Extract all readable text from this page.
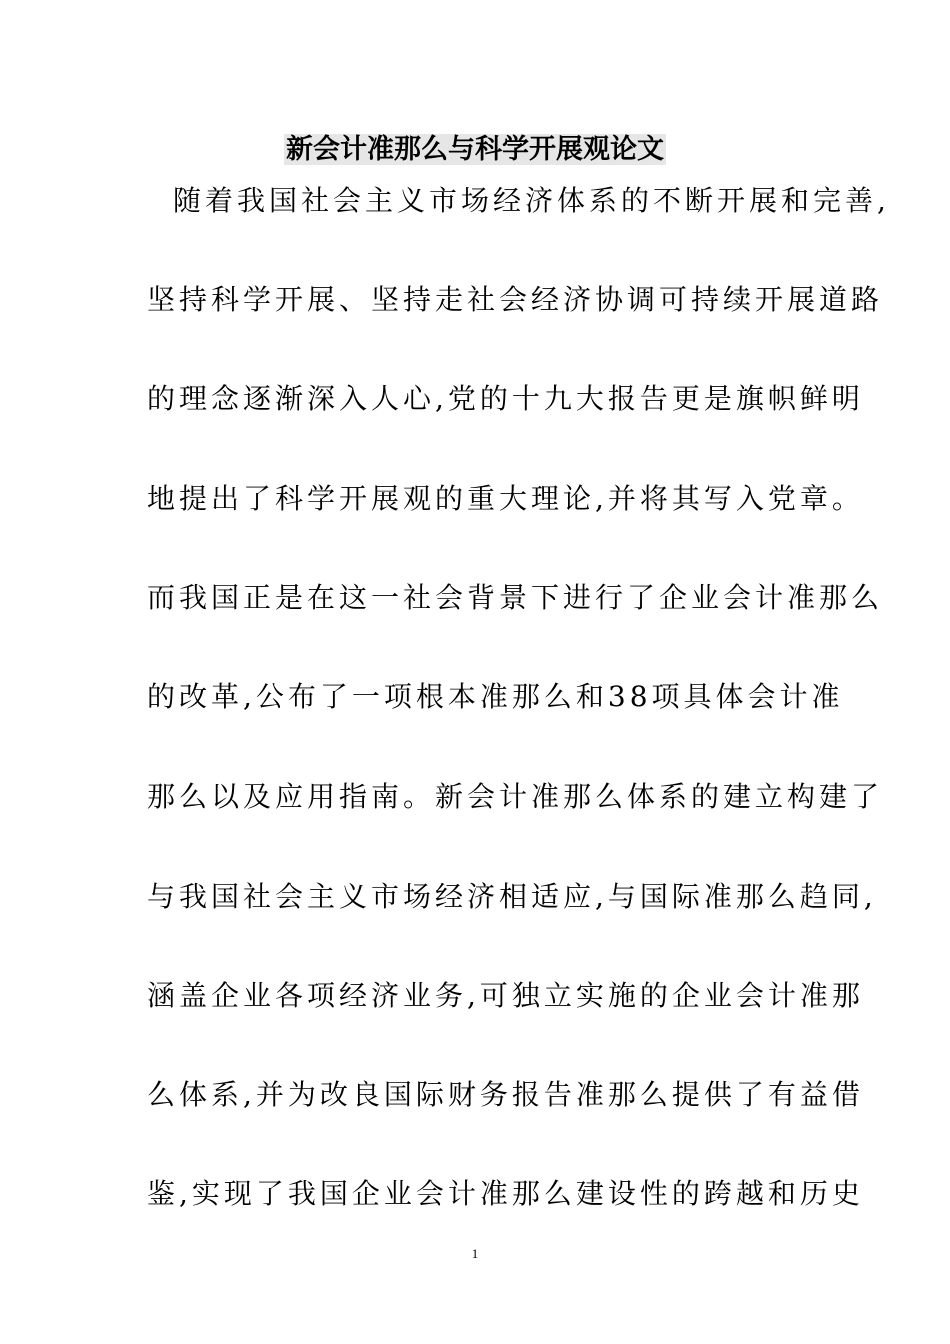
新会计准那么与科学开展观论文
随着我国社会主义市场经济体系的不断开展和完善,
坚持科学开展、坚持走社会经济协调可持续开展道路
的理念逐渐深入人心,党的十九大报告更是旗帜鲜明
地提出了科学开展观的重大理论,并将其写入党章。
而我国正是在这一社会背景下进行了企业会计准那么
的改革,公布了一项根本准那么和38项具体会计准
那么以及应用指南。新会计准那么体系的建立构建了
与我国社会主义市场经济相适应,与国际准那么趋同,
涵盖企业各项经济业务,可独立实施的企业会计准那
么体系,并为改良国际财务报告准那么提供了有益借
鉴,实现了我国企业会计准那么建设性的跨越和历史
1
